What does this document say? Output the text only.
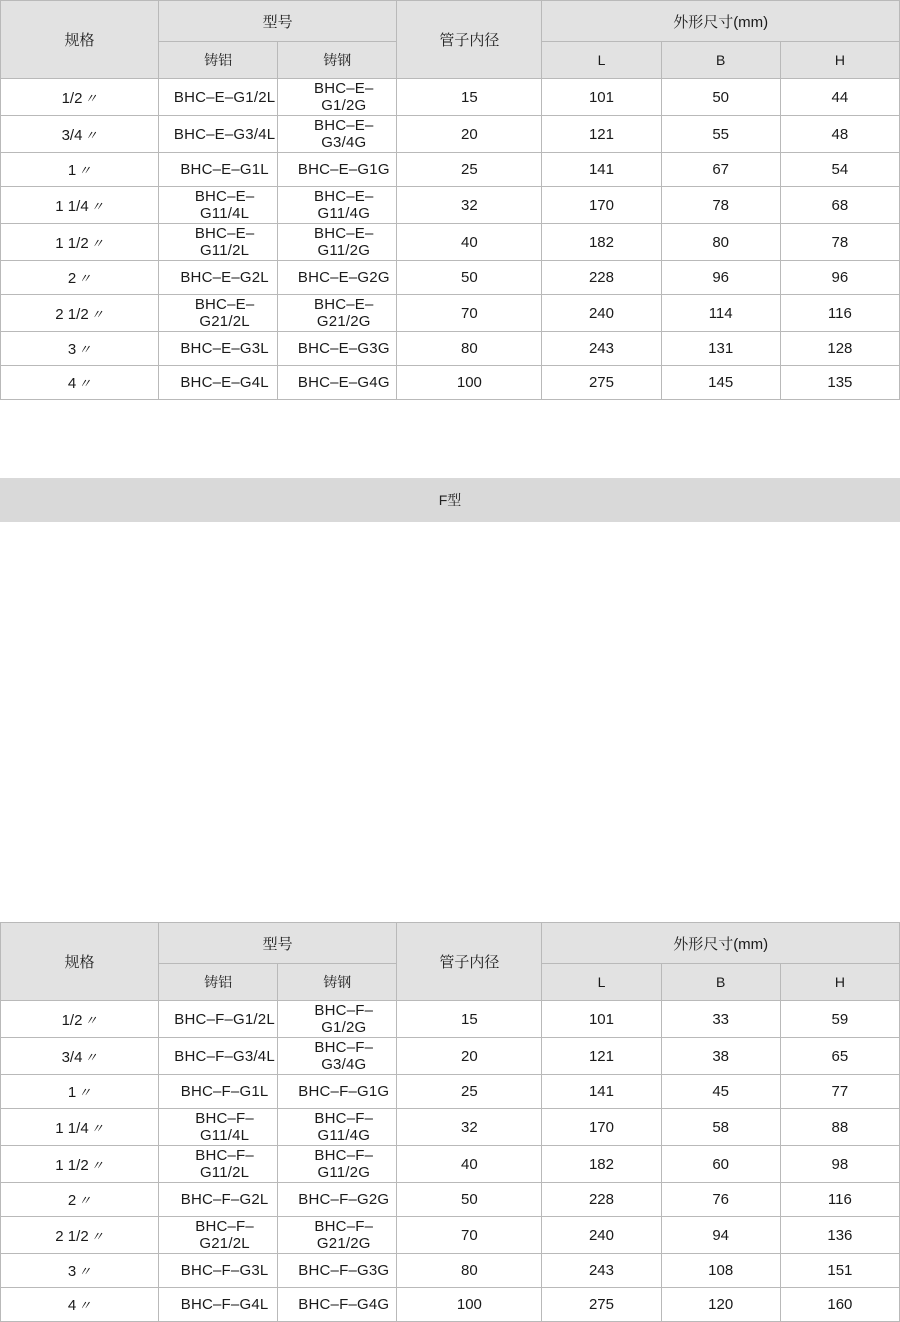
规格	型号		管子内径	外形尺寸(mm)		
	铸铝	铸钢		L	B	H
1/2 〃	BHC–E–G1/2L	BHC–E–G1/2G	15	101	50	44
3/4 〃	BHC–E–G3/4L	BHC–E–G3/4G	20	121	55	48
1 〃	BHC–E–G1L	BHC–E–G1G	25	141	67	54
1 1/4 〃	BHC–E–G11/4L	BHC–E–G11/4G	32	170	78	68
1 1/2 〃	BHC–E–G11/2L	BHC–E–G11/2G	40	182	80	78
2 〃	BHC–E–G2L	BHC–E–G2G	50	228	96	96
2 1/2 〃	BHC–E–G21/2L	BHC–E–G21/2G	70	240	114	116
3 〃	BHC–E–G3L	BHC–E–G3G	80	243	131	128
4 〃	BHC–E–G4L	BHC–E–G4G	100	275	145	135
F型
规格	型号		管子内径	外形尺寸(mm)		
	铸铝	铸钢		L	B	H
1/2 〃	BHC–F–G1/2L	BHC–F–G1/2G	15	101	33	59
3/4 〃	BHC–F–G3/4L	BHC–F–G3/4G	20	121	38	65
1 〃	BHC–F–G1L	BHC–F–G1G	25	141	45	77
1 1/4 〃	BHC–F–G11/4L	BHC–F–G11/4G	32	170	58	88
1 1/2 〃	BHC–F–G11/2L	BHC–F–G11/2G	40	182	60	98
2 〃	BHC–F–G2L	BHC–F–G2G	50	228	76	116
2 1/2 〃	BHC–F–G21/2L	BHC–F–G21/2G	70	240	94	136
3 〃	BHC–F–G3L	BHC–F–G3G	80	243	108	151
4 〃	BHC–F–G4L	BHC–F–G4G	100	275	120	160
